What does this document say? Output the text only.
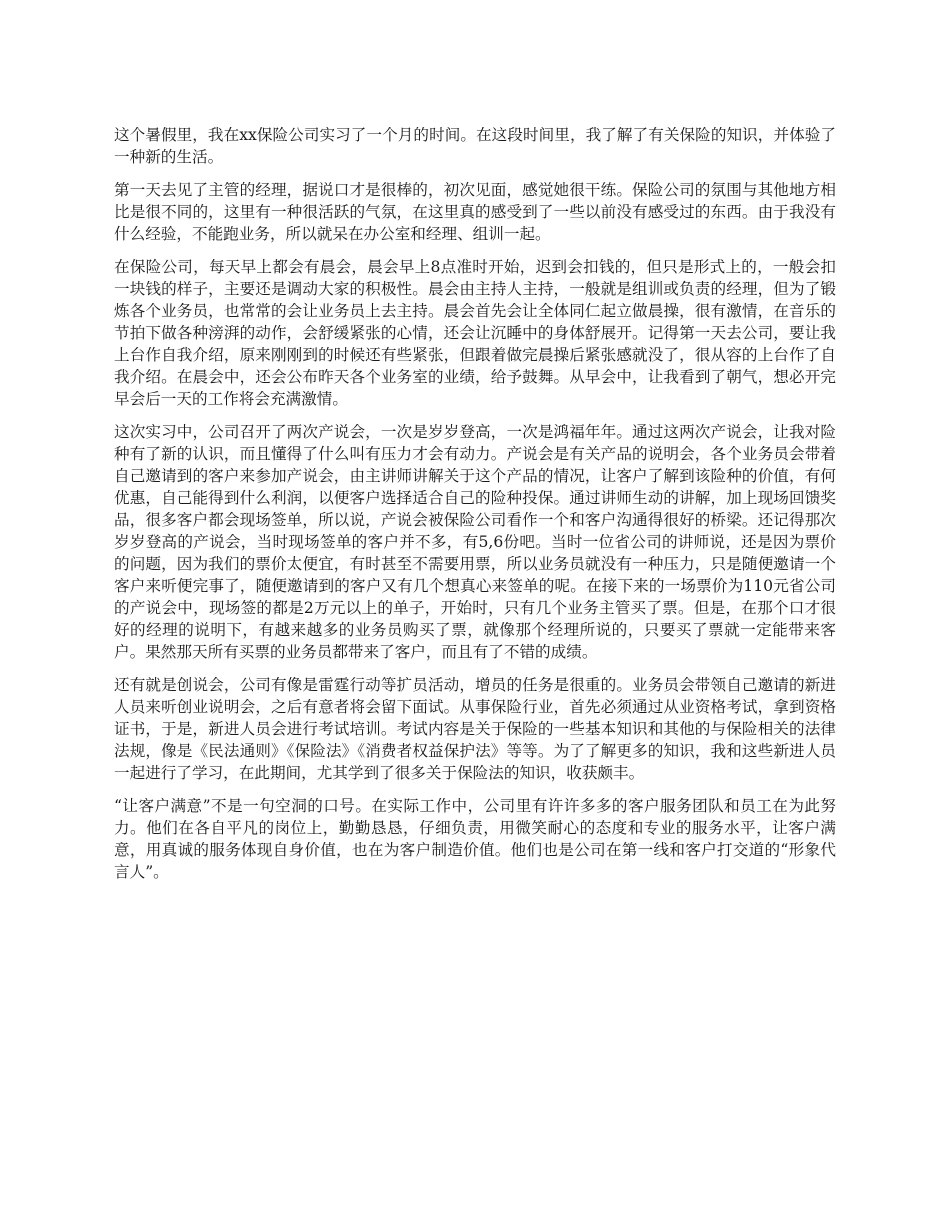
这个暑假里，我在xx保险公司实习了一个月的时间。在这段时间里，我了解了有关保险的知识，并体验了一种新的生活。

第一天去见了主管的经理，据说口才是很棒的，初次见面，感觉她很干练。保险公司的氛围与其他地方相比是很不同的，这里有一种很活跃的气氛，在这里真的感受到了一些以前没有感受过的东西。由于我没有什么经验，不能跑业务，所以就呆在办公室和经理、组训一起。

在保险公司，每天早上都会有晨会，晨会早上8点准时开始，迟到会扣钱的，但只是形式上的，一般会扣一块钱的样子，主要还是调动大家的积极性。晨会由主持人主持，一般就是组训或负责的经理，但为了锻炼各个业务员，也常常的会让业务员上去主持。晨会首先会让全体同仁起立做晨操，很有激情，在音乐的节拍下做各种滂湃的动作，会舒缓紧张的心情，还会让沉睡中的身体舒展开。记得第一天去公司，要让我上台作自我介绍，原来刚刚到的时候还有些紧张，但跟着做完晨操后紧张感就没了，很从容的上台作了自我介绍。在晨会中，还会公布昨天各个业务室的业绩，给予鼓舞。从早会中，让我看到了朝气，想必开完早会后一天的工作将会充满激情。

这次实习中，公司召开了两次产说会，一次是岁岁登高，一次是鸿福年年。通过这两次产说会，让我对险种有了新的认识，而且懂得了什么叫有压力才会有动力。产说会是有关产品的说明会，各个业务员会带着自己邀请到的客户来参加产说会，由主讲师讲解关于这个产品的情况，让客户了解到该险种的价值，有何优惠，自己能得到什么利润，以便客户选择适合自己的险种投保。通过讲师生动的讲解，加上现场回馈奖品，很多客户都会现场签单，所以说，产说会被保险公司看作一个和客户沟通得很好的桥梁。还记得那次岁岁登高的产说会，当时现场签单的客户并不多，有5,6份吧。当时一位省公司的讲师说，还是因为票价的问题，因为我们的票价太便宜，有时甚至不需要用票，所以业务员就没有一种压力，只是随便邀请一个客户来听便完事了，随便邀请到的客户又有几个想真心来签单的呢。在接下来的一场票价为110元省公司的产说会中，现场签的都是2万元以上的单子，开始时，只有几个业务主管买了票。但是，在那个口才很好的经理的说明下，有越来越多的业务员购买了票，就像那个经理所说的，只要买了票就一定能带来客户。果然那天所有买票的业务员都带来了客户，而且有了不错的成绩。

还有就是创说会，公司有像是雷霆行动等扩员活动，增员的任务是很重的。业务员会带领自己邀请的新进人员来听创业说明会，之后有意者将会留下面试。从事保险行业，首先必须通过从业资格考试，拿到资格证书，于是，新进人员会进行考试培训。考试内容是关于保险的一些基本知识和其他的与保险相关的法律法规，像是《民法通则》《保险法》《消费者权益保护法》等等。为了了解更多的知识，我和这些新进人员一起进行了学习，在此期间，尤其学到了很多关于保险法的知识，收获颇丰。

“让客户满意”不是一句空洞的口号。在实际工作中，公司里有许许多多的客户服务团队和员工在为此努力。他们在各自平凡的岗位上，勤勤恳恳，仔细负责，用微笑耐心的态度和专业的服务水平，让客户满意，用真诚的服务体现自身价值，也在为客户制造价值。他们也是公司在第一线和客户打交道的“形象代言人”。
